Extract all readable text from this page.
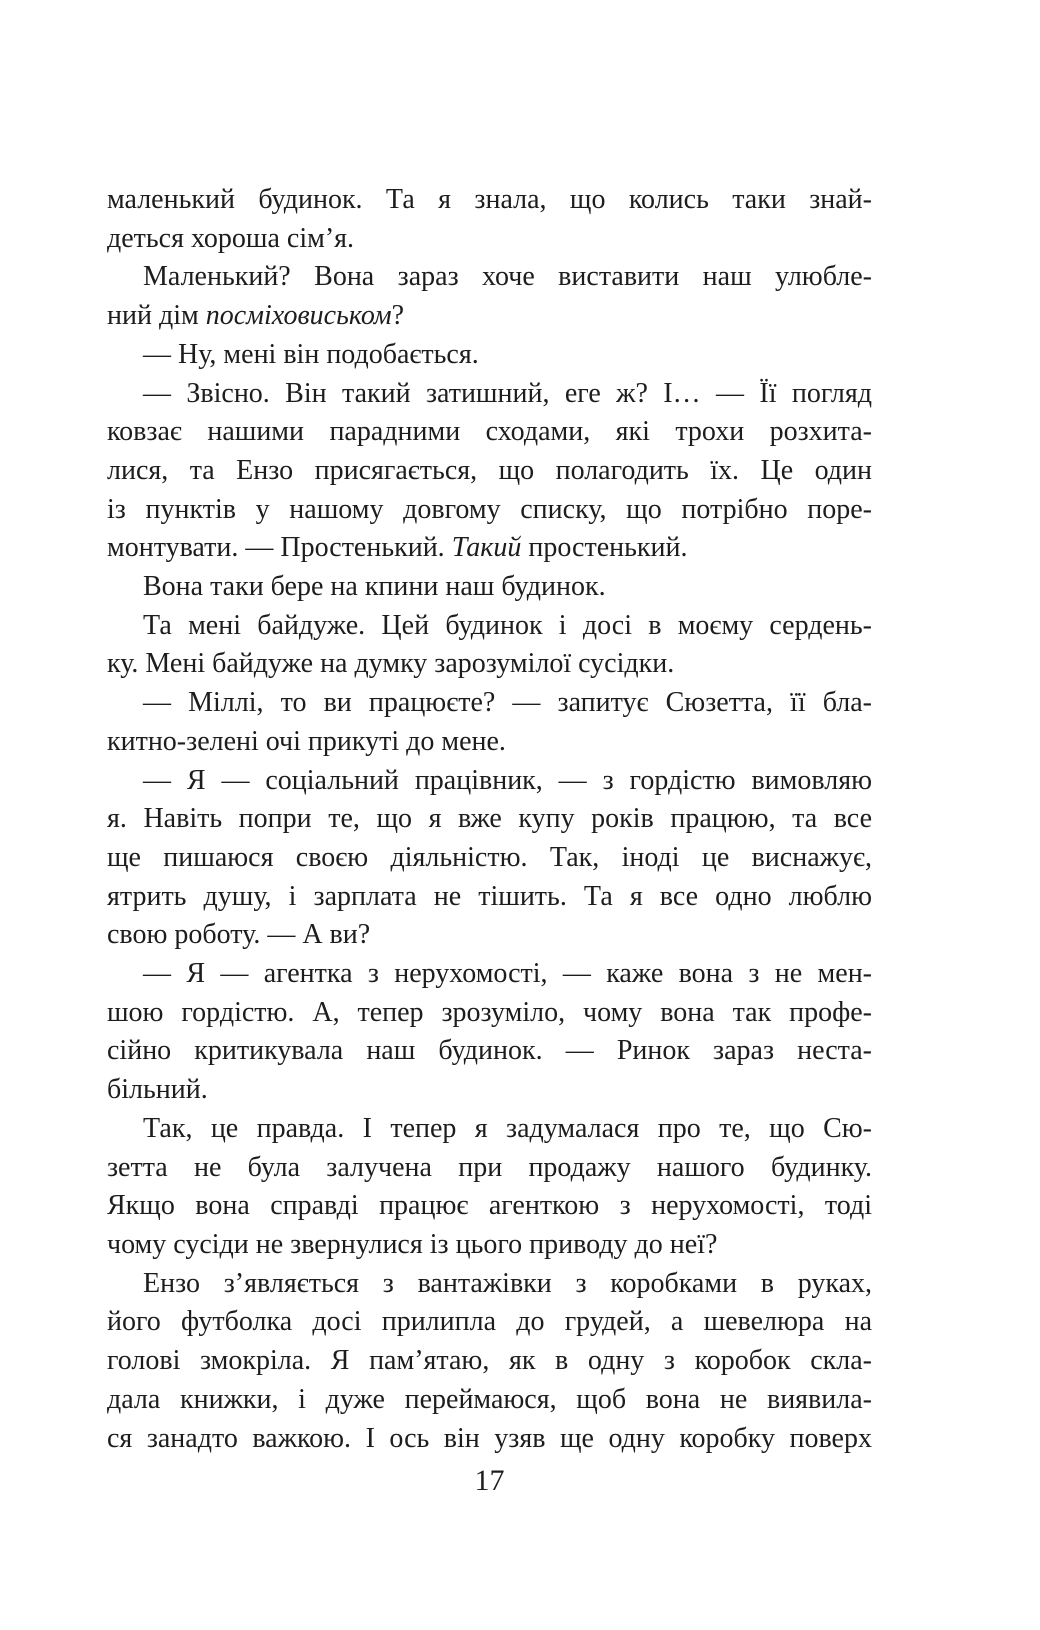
маленький будинок. Та я знала, що колись таки знай-
деться хороша сім’я.
Маленький? Вона зараз хоче виставити наш улюбле-
ний дім посміховиськом?
— Ну, мені він подобається.
— Звісно. Він такий затишний, еге ж? І… — Її погляд
ковзає нашими парадними сходами, які трохи розхита-
лися, та Ензо присягається, що полагодить їх. Це один
із пунктів у нашому довгому списку, що потрібно поре-
монтувати. — Простенький. Такий простенький.
Вона таки бере на кпини наш будинок.
Та мені байдуже. Цей будинок і досі в моєму сердень-
ку. Мені байдуже на думку зарозумілої сусідки.
— Міллі, то ви працюєте? — запитує Сюзетта, її бла-
китно-зелені очі прикуті до мене.
— Я — соціальний працівник, — з гордістю вимовляю
я. Навіть попри те, що я вже купу років працюю, та все
ще пишаюся своєю діяльністю. Так, іноді це виснажує,
ятрить душу, і зарплата не тішить. Та я все одно люблю
свою роботу. — А ви?
— Я — агентка з нерухомості, — каже вона з не мен-
шою гордістю. А, тепер зрозуміло, чому вона так профе-
сійно критикувала наш будинок. — Ринок зараз неста-
більний.
Так, це правда. І тепер я задумалася про те, що Сю-
зетта не була залучена при продажу нашого будинку.
Якщо вона справді працює агенткою з нерухомості, тоді
чому сусіди не звернулися із цього приводу до неї?
Ензо з’являється з вантажівки з коробками в руках,
його футболка досі прилипла до грудей, а шевелюра на
голові змокріла. Я пам’ятаю, як в одну з коробок скла-
дала книжки, і дуже переймаюся, щоб вона не виявила-
ся занадто важкою. І ось він узяв ще одну коробку поверх
17
